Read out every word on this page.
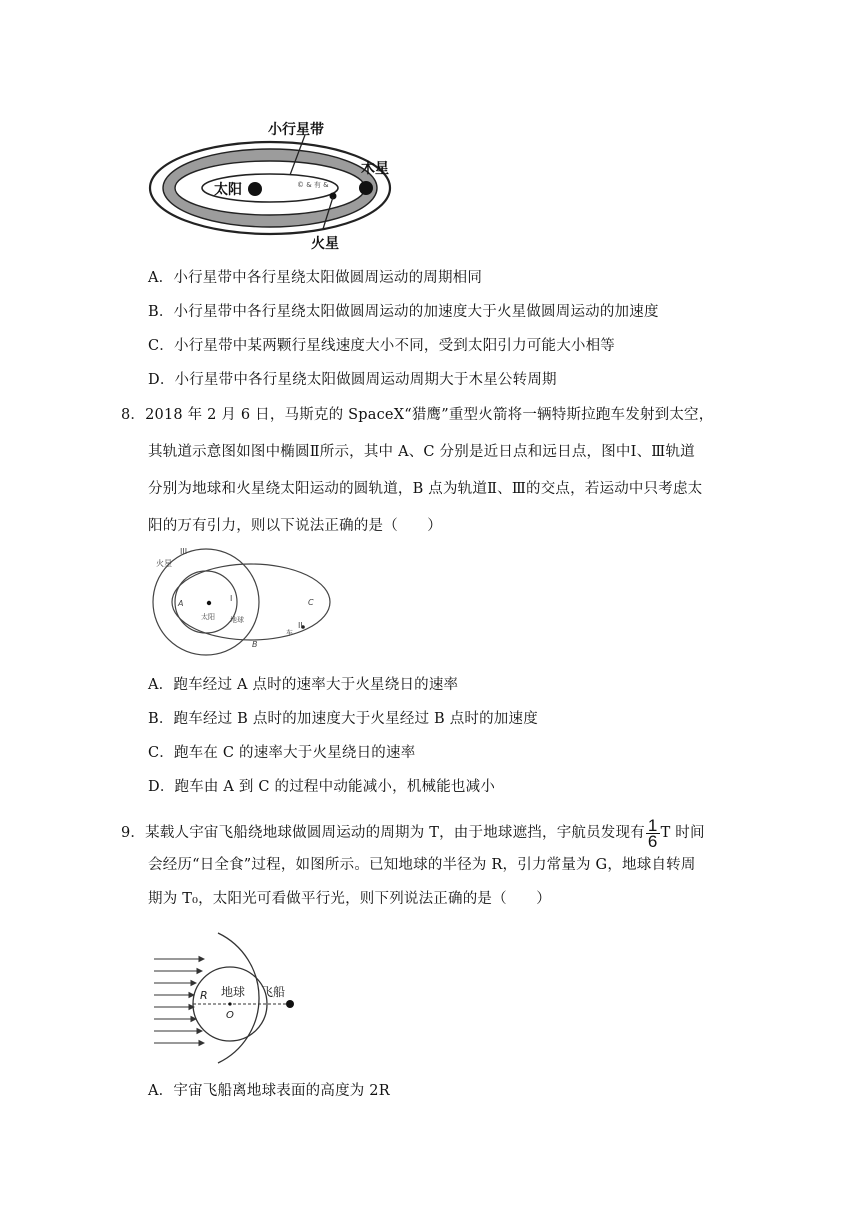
小行星带
太阳
木星
火星
© & 有 &
A．小行星带中各行星绕太阳做圆周运动的周期相同
B．小行星带中各行星绕太阳做圆周运动的加速度大于火星做圆周运动的加速度
C．小行星带中某两颗行星线速度大小不同，受到太阳引力可能大小相等
D．小行星带中各行星绕太阳做圆周运动周期大于木星公转周期
8．2018 年 2 月 6 日，马斯克的 SpaceX“猎鹰”重型火箭将一辆特斯拉跑车发射到太空，
其轨道示意图如图中椭圆Ⅱ所示，其中 A、C 分别是近日点和远日点，图中Ⅰ、Ⅲ轨道
分别为地球和火星绕太阳运动的圆轨道，B 点为轨道Ⅱ、Ⅲ的交点，若运动中只考虑太
阳的万有引力，则以下说法正确的是（　　）
III
火星
A
I
太阳 地球
B
车
II
C
A．跑车经过 A 点时的速率大于火星绕日的速率
B．跑车经过 B 点时的加速度大于火星经过 B 点时的加速度
C．跑车在 C 的速率大于火星绕日的速率
D．跑车由 A 到 C 的过程中动能减小，机械能也减小
9．某载人宇宙飞船绕地球做圆周运动的周期为 T，由于地球遮挡，宇航员发现有 $\frac{1}{6}$ T 时间
会经历“日全食”过程，如图所示。已知地球的半径为 R，引力常量为 G，地球自转周
期为 T₀，太阳光可看做平行光，则下列说法正确的是（　　）
R 地球
O
飞船
A．宇宙飞船离地球表面的高度为 2R
